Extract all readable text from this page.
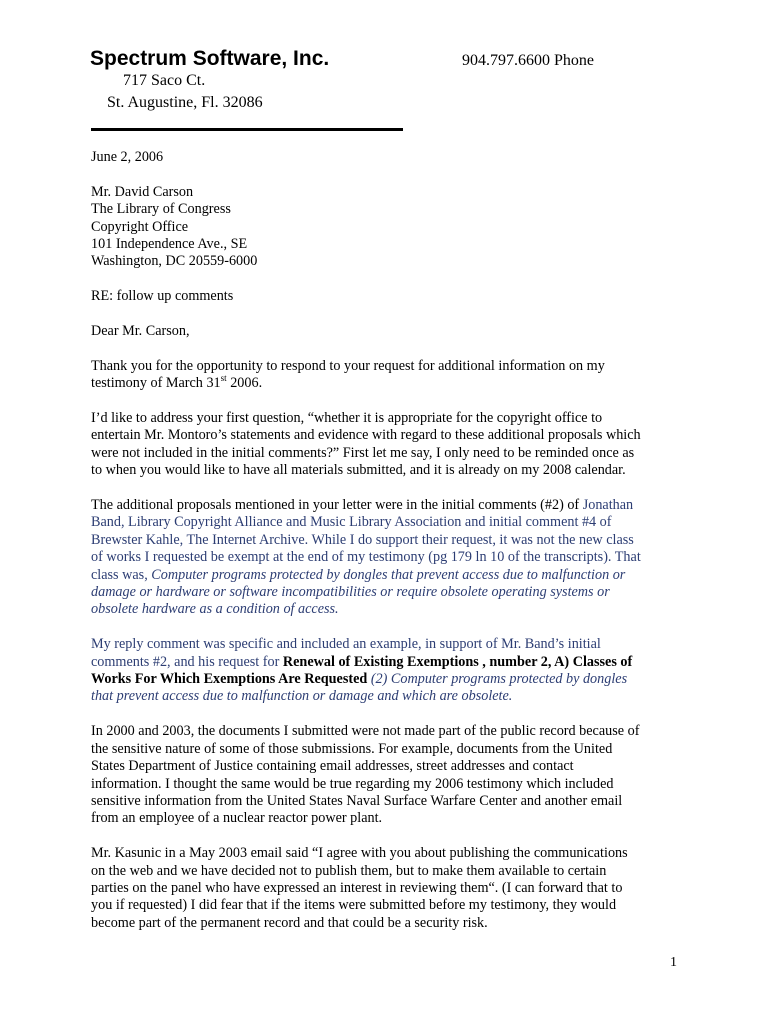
Spectrum Software, Inc.	904.797.6600 Phone
717 Saco Ct.
St. Augustine, Fl. 32086
June 2, 2006
Mr. David Carson
The Library of Congress
Copyright Office
101 Independence Ave., SE
Washington, DC 20559-6000
RE: follow up comments
Dear Mr. Carson,
Thank you for the opportunity to respond to your request for additional information on my
testimony of March 31st 2006.
I’d like to address your first question, “whether it is appropriate for the copyright office to
entertain Mr. Montoro’s statements and evidence with regard to these additional proposals which
were not included in the initial comments?” First let me say, I only need to be reminded once as
to when you would like to have all materials submitted, and it is already on my 2008 calendar.
The additional proposals mentioned in your letter were in the initial comments (#2) of Jonathan
Band, Library Copyright Alliance and Music Library Association and initial comment #4 of
Brewster Kahle, The Internet Archive. While I do support their request, it was not the new class
of works I requested be exempt at the end of my testimony (pg 179 ln 10 of the transcripts). That
class was, Computer programs protected by dongles that prevent access due to malfunction or
damage or hardware or software incompatibilities or require obsolete operating systems or
obsolete hardware as a condition of access.
My reply comment was specific and included an example, in support of Mr. Band’s initial
comments #2, and his request for Renewal of Existing Exemptions , number 2, A) Classes of
Works For Which Exemptions Are Requested (2) Computer programs protected by dongles
that prevent access due to malfunction or damage and which are obsolete.
In 2000 and 2003, the documents I submitted were not made part of the public record because of
the sensitive nature of some of those submissions. For example, documents from the United
States Department of Justice containing email addresses, street addresses and contact
information. I thought the same would be true regarding my 2006 testimony which included
sensitive information from the United States Naval Surface Warfare Center and another email
from an employee of a nuclear reactor power plant.
Mr. Kasunic in a May 2003 email said “I agree with you about publishing the communications
on the web and we have decided not to publish them, but to make them available to certain
parties on the panel who have expressed an interest in reviewing them“. (I can forward that to
you if requested) I did fear that if the items were submitted before my testimony, they would
become part of the permanent record and that could be a security risk.
1
